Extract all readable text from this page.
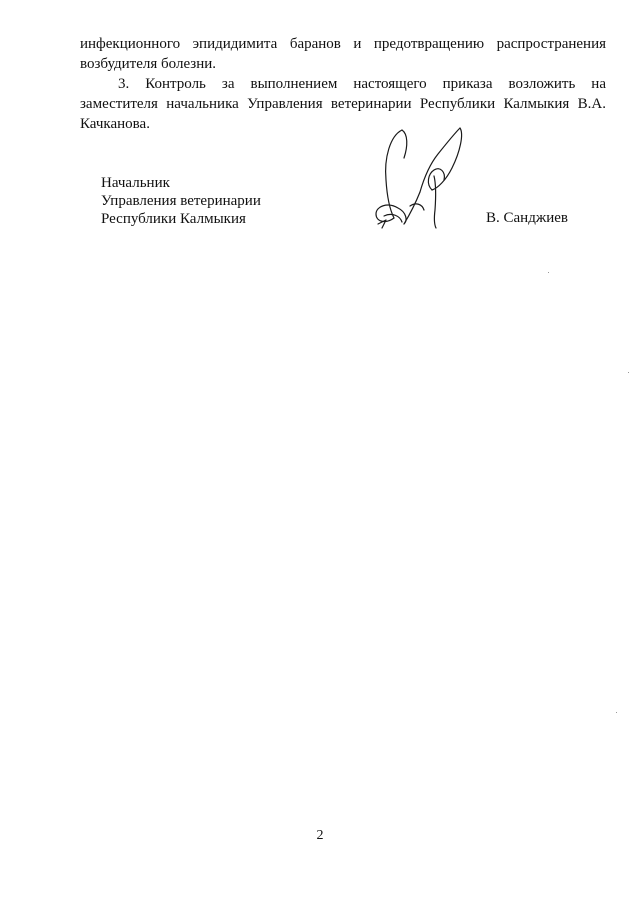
инфекционного эпидидимита баранов и предотвращению распространения

возбудителя болезни.

3. Контроль за выполнением настоящего приказа возложить на

заместителя начальника Управления ветеринарии Республики Калмыкия В.А.

Качканова.

Начальник
Управления ветеринарии
Республики Калмыкия	В. Санджиев
2
